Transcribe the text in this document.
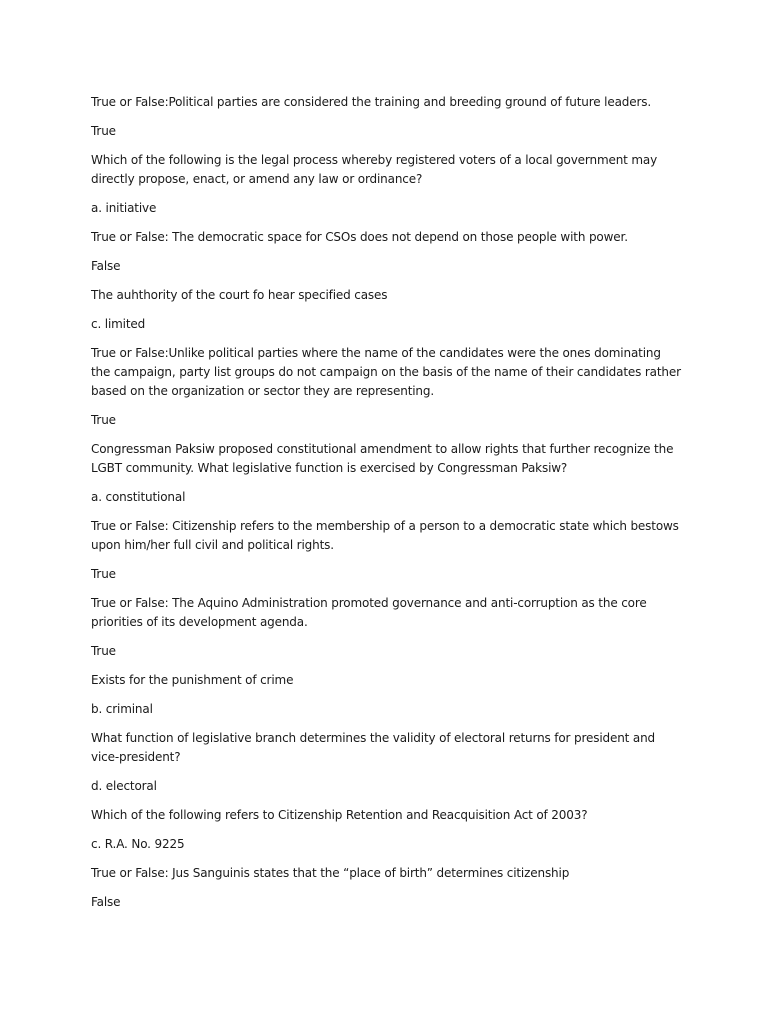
True or False:Political parties are considered the training and breeding ground of future leaders.

True

Which of the following is the legal process whereby registered voters of a local government may directly propose, enact, or amend any law or ordinance?

a. initiative

True or False: The democratic space for CSOs does not depend on those people with power.

False

The auhthority of the court fo hear specified cases

c. limited

True or False:Unlike political parties where the name of the candidates were the ones dominating the campaign, party list groups do not campaign on the basis of the name of their candidates rather based on the organization or sector they are representing.

True

Congressman Paksiw proposed constitutional amendment to allow rights that further recognize the LGBT community. What legislative function is exercised by Congressman Paksiw?

a. constitutional

True or False: Citizenship refers to the membership of a person to a democratic state which bestows upon him/her full civil and political rights.

True

True or False: The Aquino Administration promoted governance and anti-corruption as the core priorities of its development agenda.

True

Exists for the punishment of crime

b. criminal

What function of legislative branch determines the validity of electoral returns for president and vice-president?

d. electoral

Which of the following refers to Citizenship Retention and Reacquisition Act of 2003?

c. R.A. No. 9225

True or False: Jus Sanguinis states that the “place of birth” determines citizenship

False
